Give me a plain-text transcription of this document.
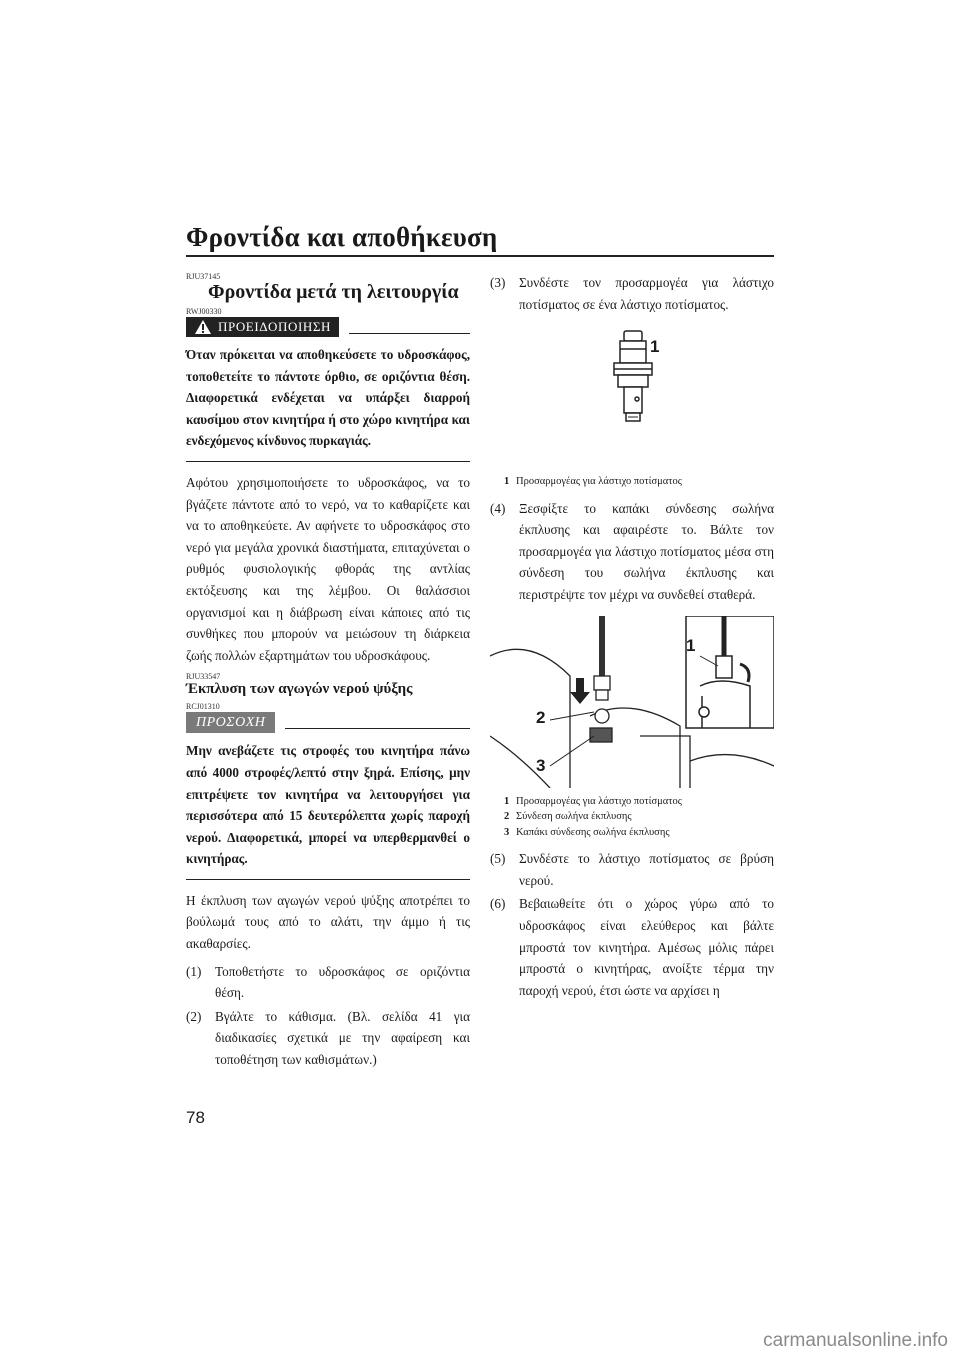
Φροντίδα και αποθήκευση
RJU37145
Φροντίδα μετά τη λειτουργία
RWJ00330
ΠΡΟΕΙΔΟΠΟΙΗΣΗ

Όταν πρόκειται να αποθηκεύσετε το υδροσκάφος, τοποθετείτε το πάντοτε όρθιο, σε οριζόντια θέση. Διαφορετικά ενδέχεται να υπάρξει διαρροή καυσίμου στον κινητήρα ή στο χώρο κινητήρα και ενδεχόμενος κίνδυνος πυρκαγιάς.

Αφότου χρησιμοποιήσετε το υδροσκάφος, να το βγάζετε πάντοτε από το νερό, να το καθαρίζετε και να το αποθηκεύετε. Αν αφήνετε το υδροσκάφος στο νερό για μεγάλα χρονικά διαστήματα, επιταχύνεται ο ρυθμός φυσιολογικής φθοράς της αντλίας εκτόξευσης και της λέμβου. Οι θαλάσσιοι οργανισμοί και η διάβρωση είναι κάποιες από τις συνθήκες που μπορούν να μειώσουν τη διάρκεια ζωής πολλών εξαρτημάτων του υδροσκάφους.

RJU33547
Έκπλυση των αγωγών νερού ψύξης
RCJ01310
ΠΡΟΣΟΧΗ

Μην ανεβάζετε τις στροφές του κινητήρα πάνω από 4000 στροφές/λεπτό στην ξηρά. Επίσης, μην επιτρέψετε τον κινητήρα να λειτουργήσει για περισσότερα από 15 δευτερόλεπτα χωρίς παροχή νερού. Διαφορετικά, μπορεί να υπερθερμανθεί ο κινητήρας.

Η έκπλυση των αγωγών νερού ψύξης αποτρέπει το βούλωμά τους από το αλάτι, την άμμο ή τις ακαθαρσίες.

(1)	Τοποθετήστε το υδροσκάφος σε οριζόντια θέση.
(2)	Βγάλτε το κάθισμα. (Βλ. σελίδα 41 για διαδικασίες σχετικά με την αφαίρεση και τοποθέτηση των καθισμάτων.)
(3)	Συνδέστε τον προσαρμογέα για λάστιχο ποτίσματος σε ένα λάστιχο ποτίσματος.
1
1 Προσαρμογέας για λάστιχο ποτίσματος
(4)	Ξεσφίξτε το καπάκι σύνδεσης σωλήνα έκπλυσης και αφαιρέστε το. Βάλτε τον προσαρμογέα για λάστιχο ποτίσματος μέσα στη σύνδεση του σωλήνα έκπλυσης και περιστρέψτε τον μέχρι να συνδεθεί σταθερά.
1
2
3
1 Προσαρμογέας για λάστιχο ποτίσματος
2 Σύνδεση σωλήνα έκπλυσης
3 Καπάκι σύνδεσης σωλήνα έκπλυσης
(5)	Συνδέστε το λάστιχο ποτίσματος σε βρύση νερού.
(6)	Βεβαιωθείτε ότι ο χώρος γύρω από το υδροσκάφος είναι ελεύθερος και βάλτε μπροστά τον κινητήρα. Αμέσως μόλις πάρει μπροστά ο κινητήρας, ανοίξτε τέρμα την παροχή νερού, έτσι ώστε να αρχίσει η
78
carmanualsonline.info
